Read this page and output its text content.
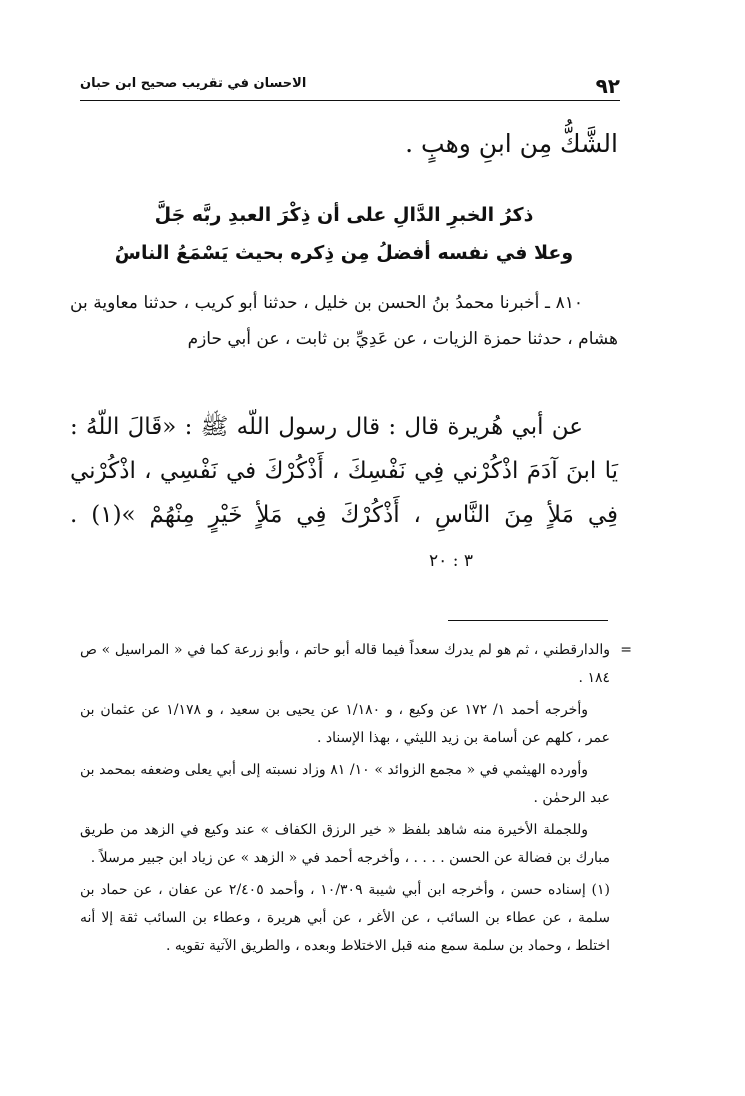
٩٢
الاحسان في تقريب صحيح ابن حبان
الشَّكُّ مِن ابنِ وهبٍ .
ذكرُ الخبرِ الدَّالِ على أن ذِكْرَ العبدِ ربَّه جَلَّ
وعلا في نفسه أفضلُ مِن ذِكره بحيث يَسْمَعُ الناسُ
٨١٠ ـ أخبرنا محمدُ بنُ الحسن بن خليل ، حدثنا أبو كريب ، حدثنا معاوية بن هشام ، حدثنا حمزة الزيات ، عن عَدِيِّ بن ثابت ، عن أبي حازم
عن أبي هُريرة قال : قال رسول اللّه ﷺ : «قَالَ اللّهُ : يَا ابنَ آدَمَ اذْكُرْني فِي نَفْسِكَ ، أَذْكُرْكَ في نَفْسِي ، اذْكُرْني فِي مَلأٍ مِنَ النَّاسِ ، أَذْكُرْكَ فِي مَلأٍ خَيْرٍ مِنْهُمْ »(١) . ٣ : ٢٠

=
والدارقطني ، ثم هو لم يدرك سعداً فيما قاله أبو حاتم ، وأبو زرعة كما في « المراسيل » ص ١٨٤ .

وأخرجه أحمد ١/ ١٧٢ عن وكيع ، و ١/١٨٠ عن يحيى بن سعيد ، و ١/١٧٨ عن عثمان بن عمر ، كلهم عن أسامة بن زيد الليثي ، بهذا الإسناد .

وأورده الهيثمي في « مجمع الزوائد » ١٠/ ٨١ وزاد نسبته إلى أبي يعلى وضعفه بمحمد بن عبد الرحمٰن .

وللجملة الأخيرة منه شاهد بلفظ « خير الرزق الكفاف » عند وكيع في الزهد من طريق مبارك بن فضالة عن الحسن . . . . ، وأخرجه أحمد في « الزهد » عن زياد ابن جبير مرسلاً .

(١) إسناده حسن ، وأخرجه ابن أبي شيبة ١٠/٣٠٩ ، وأحمد ٢/٤٠٥ عن عفان ، عن حماد بن سلمة ، عن عطاء بن السائب ، عن الأغر ، عن أبي هريرة ، وعطاء بن السائب ثقة إلا أنه اختلط ، وحماد بن سلمة سمع منه قبل الاختلاط وبعده ، والطريق الآتية تقويه .
